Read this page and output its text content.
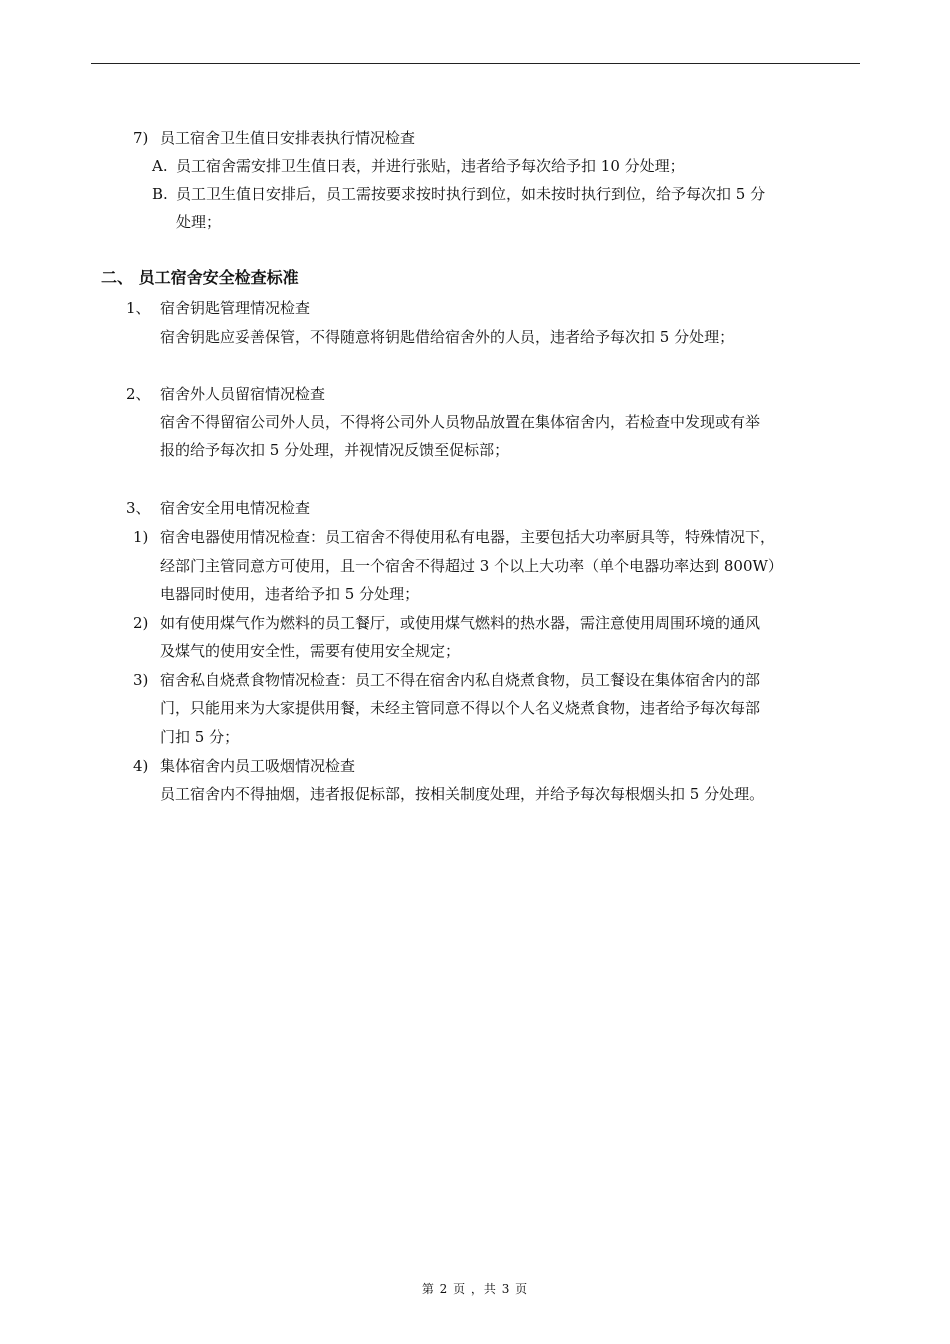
7) 员工宿舍卫生值日安排表执行情况检查
A. 员工宿舍需安排卫生值日表，并进行张贴，违者给予每次给予扣 10 分处理；
B. 员工卫生值日安排后，员工需按要求按时执行到位，如未按时执行到位，给予每次扣 5 分
处理；
二、 员工宿舍安全检查标准
1、 宿舍钥匙管理情况检查
宿舍钥匙应妥善保管，不得随意将钥匙借给宿舍外的人员，违者给予每次扣 5 分处理；
2、 宿舍外人员留宿情况检查
宿舍不得留宿公司外人员，不得将公司外人员物品放置在集体宿舍内，若检查中发现或有举
报的给予每次扣 5 分处理，并视情况反馈至促标部；
3、 宿舍安全用电情况检查
1) 宿舍电器使用情况检查：员工宿舍不得使用私有电器，主要包括大功率厨具等，特殊情况下，
经部门主管同意方可使用，且一个宿舍不得超过 3 个以上大功率（单个电器功率达到 800W）
电器同时使用，违者给予扣 5 分处理；
2) 如有使用煤气作为燃料的员工餐厅，或使用煤气燃料的热水器，需注意使用周围环境的通风
及煤气的使用安全性，需要有使用安全规定；
3) 宿舍私自烧煮食物情况检查：员工不得在宿舍内私自烧煮食物，员工餐设在集体宿舍内的部
门，只能用来为大家提供用餐，未经主管同意不得以个人名义烧煮食物，违者给予每次每部
门扣 5 分；
4) 集体宿舍内员工吸烟情况检查
员工宿舍内不得抽烟，违者报促标部，按相关制度处理，并给予每次每根烟头扣 5 分处理。
第 2 页 ，共 3 页
